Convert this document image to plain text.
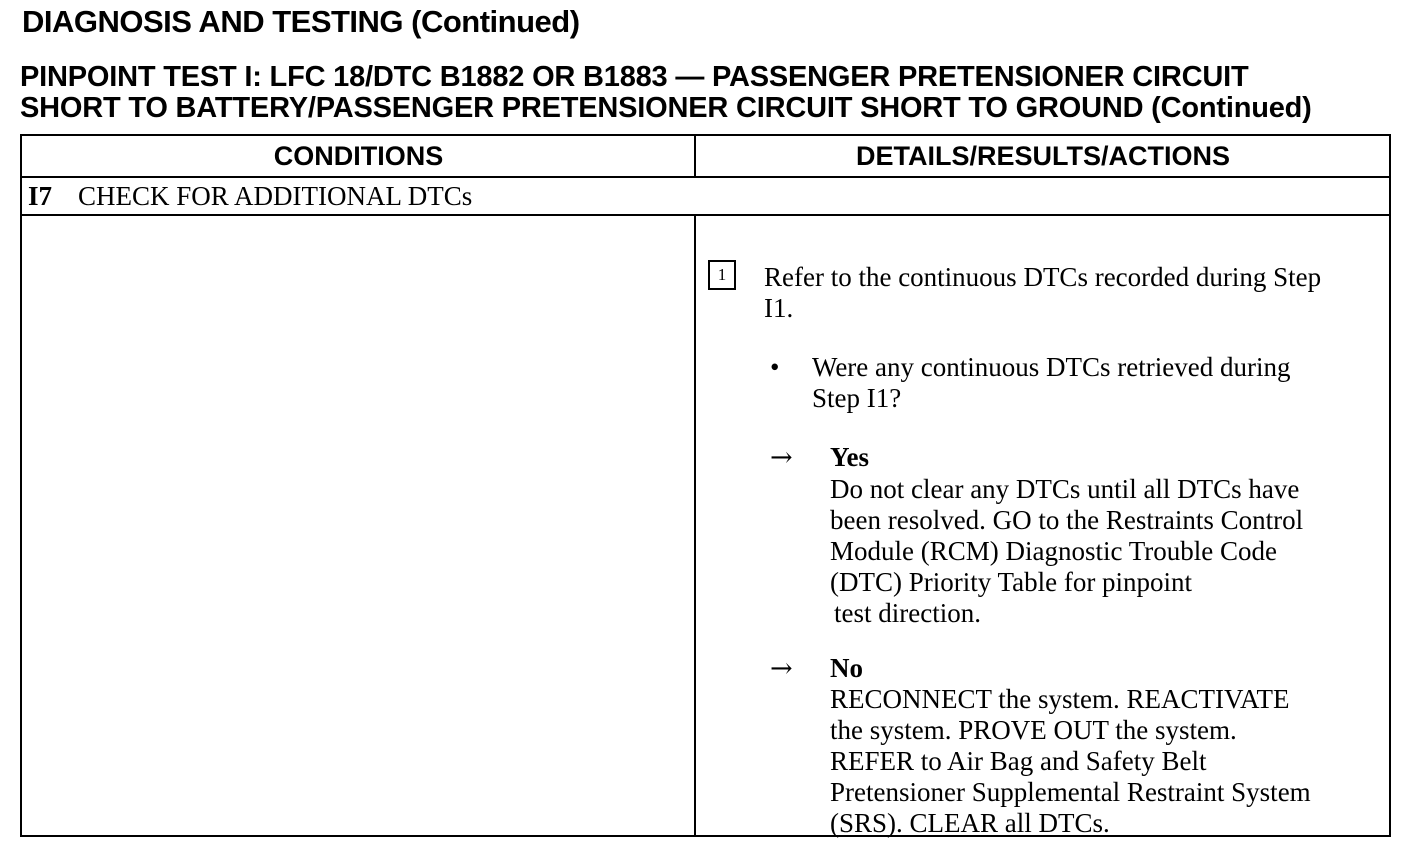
DIAGNOSIS AND TESTING (Continued)
PINPOINT TEST I: LFC 18/DTC B1882 OR B1883 — PASSENGER PRETENSIONER CIRCUIT
SHORT TO BATTERY/PASSENGER PRETENSIONER CIRCUIT SHORT TO GROUND (Continued)
CONDITIONS	DETAILS/RESULTS/ACTIONS
I7 CHECK FOR ADDITIONAL DTCs
1	Refer to the continuous DTCs recorded during Step
I1.
• Were any continuous DTCs retrieved during
Step I1?
→ Yes
Do not clear any DTCs until all DTCs have
been resolved. GO to the Restraints Control
Module (RCM) Diagnostic Trouble Code
(DTC) Priority Table for pinpoint
test direction.
→ No
RECONNECT the system. REACTIVATE
the system. PROVE OUT the system.
REFER to Air Bag and Safety Belt
Pretensioner Supplemental Restraint System
(SRS). CLEAR all DTCs.
